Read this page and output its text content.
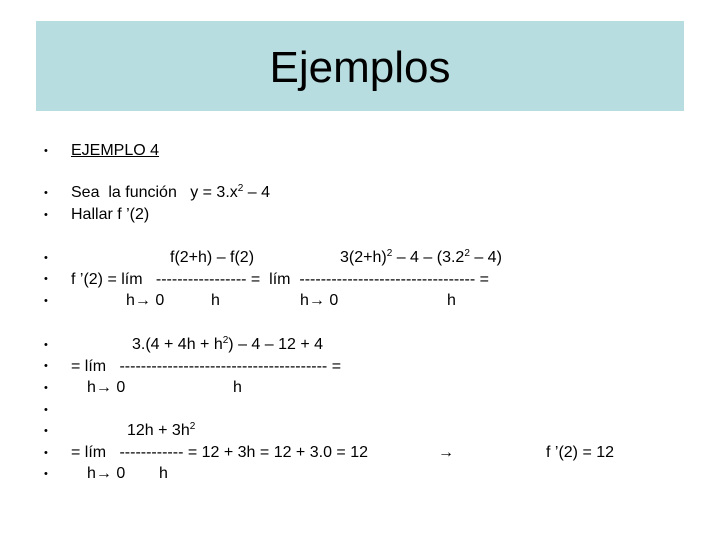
Ejemplos
•
•
•
•
•
•
•
•
•
•
•
•
•
EJEMPLO 4
Sea  la función   $y = 3.x^2 - 4$
Hallar f ’(2)
f(2+h) – f(2)	$3(2+h)^2 - 4 - (3.2^2 - 4)$
f ’(2) = lím   ----------------- =  lím  --------------------------------- =
h→ 0	h	h→ 0	h
$3.(4 + 4h + h^2) - 4 - 12 + 4$
= lím   --------------------------------------- =
h→ 0	h
$12h + 3h^2$
= lím   ------------ = 12 + 3h = 12 + 3.0 = 12	→	f ’(2) = 12
h→ 0 h
